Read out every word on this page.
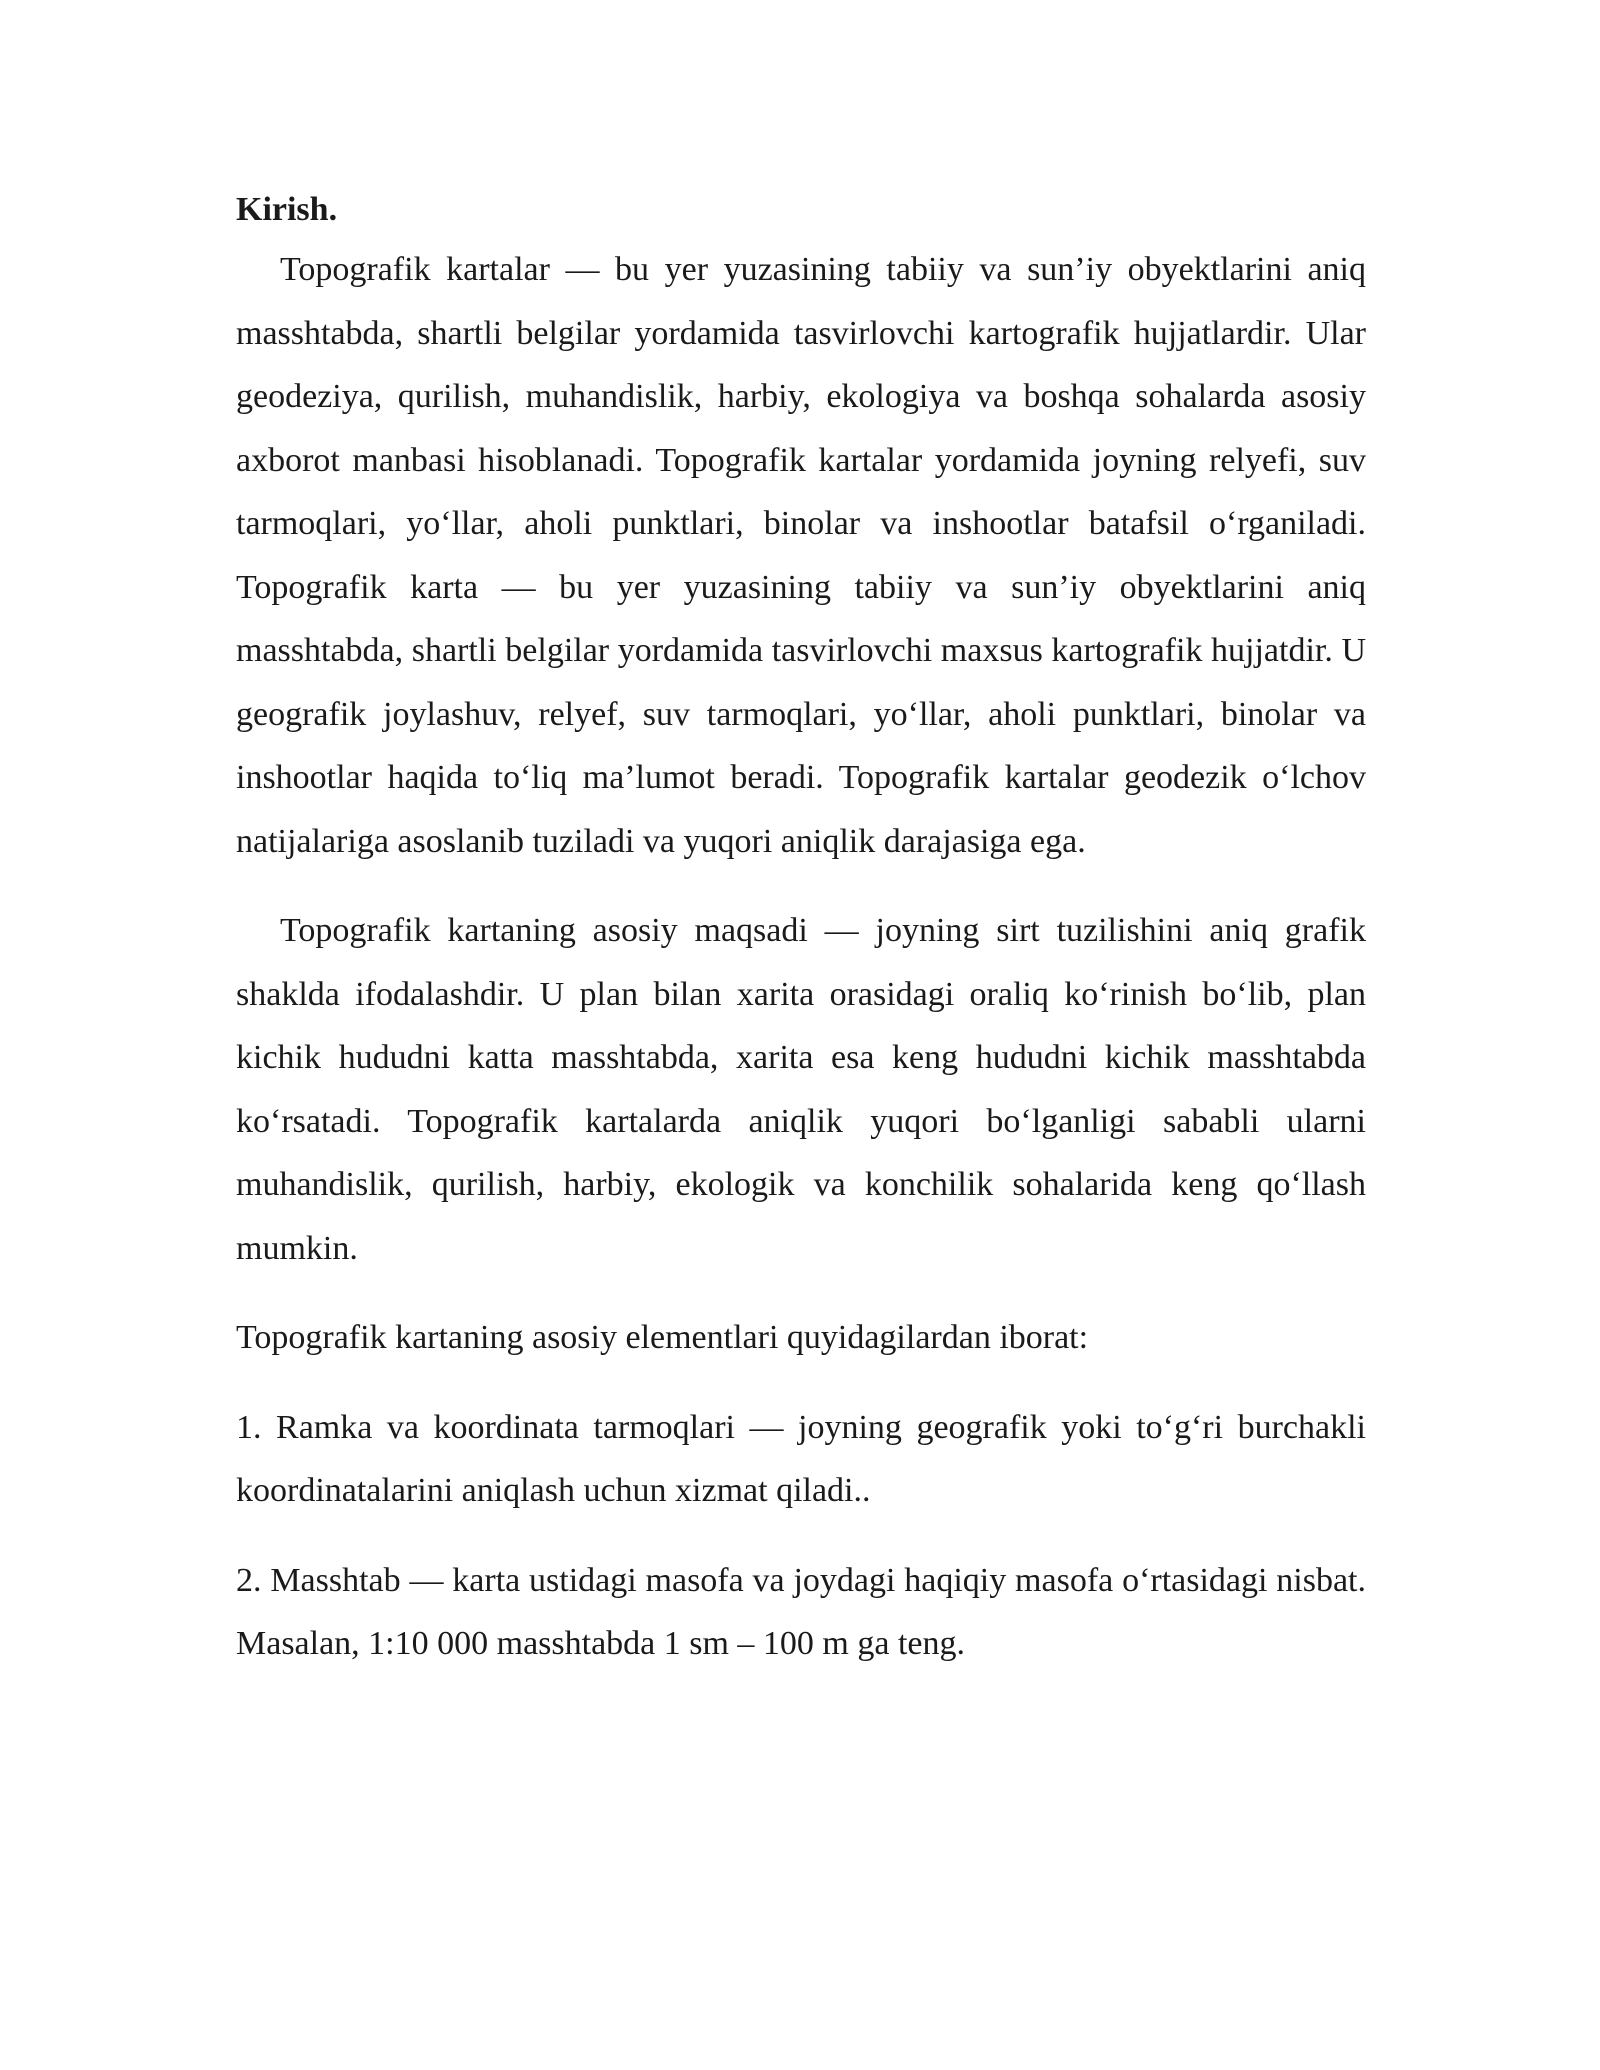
Kirish.

Topografik kartalar — bu yer yuzasining tabiiy va sun’iy obyektlarini aniq masshtabda, shartli belgilar yordamida tasvirlovchi kartografik hujjatlardir. Ular geodeziya, qurilish, muhandislik, harbiy, ekologiya va boshqa sohalarda asosiy axborot manbasi hisoblanadi. Topografik kartalar yordamida joyning relyefi, suv tarmoqlari, yo‘llar, aholi punktlari, binolar va inshootlar batafsil o‘rganiladi. Topografik karta — bu yer yuzasining tabiiy va sun’iy obyektlarini aniq masshtabda, shartli belgilar yordamida tasvirlovchi maxsus kartografik hujjatdir. U geografik joylashuv, relyef, suv tarmoqlari, yo‘llar, aholi punktlari, binolar va inshootlar haqida to‘liq ma’lumot beradi. Topografik kartalar geodezik o‘lchov natijalariga asoslanib tuziladi va yuqori aniqlik darajasiga ega.

Topografik kartaning asosiy maqsadi — joyning sirt tuzilishini aniq grafik shaklda ifodalashdir. U plan bilan xarita orasidagi oraliq ko‘rinish bo‘lib, plan kichik hududni katta masshtabda, xarita esa keng hududni kichik masshtabda ko‘rsatadi. Topografik kartalarda aniqlik yuqori bo‘lganligi sababli ularni muhandislik, qurilish, harbiy, ekologik va konchilik sohalarida keng qo‘llash mumkin.

Topografik kartaning asosiy elementlari quyidagilardan iborat:

1. Ramka va koordinata tarmoqlari — joyning geografik yoki to‘g‘ri burchakli koordinatalarini aniqlash uchun xizmat qiladi..

2. Masshtab — karta ustidagi masofa va joydagi haqiqiy masofa o‘rtasidagi nisbat. Masalan, 1:10 000 masshtabda 1 sm – 100 m ga teng.
